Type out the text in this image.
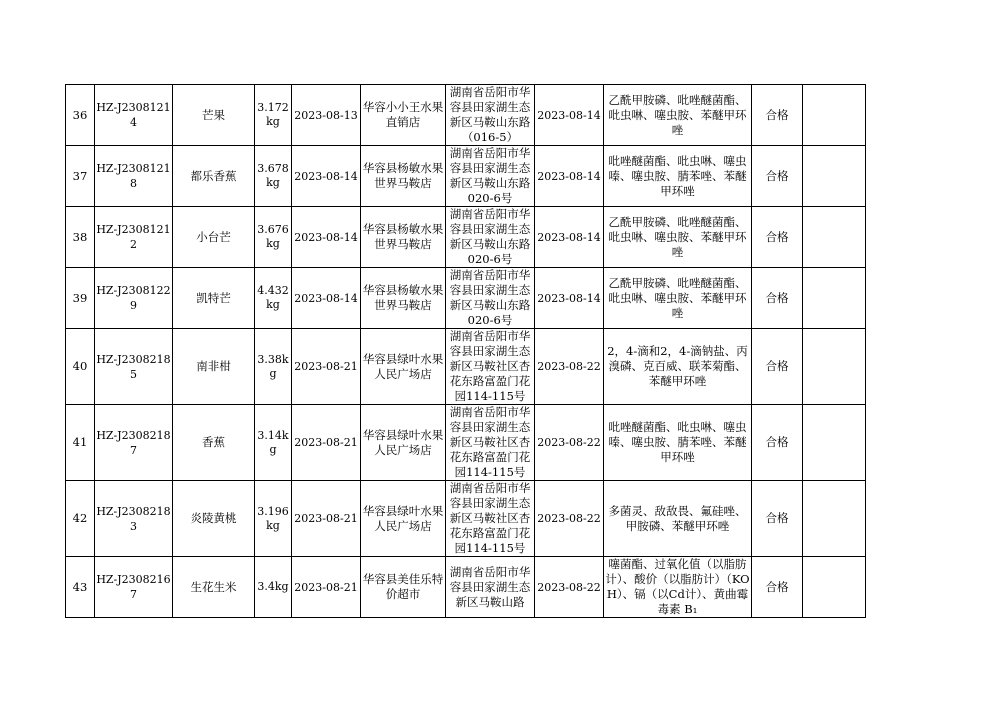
36	HZ-J23081214	芒果	3.172kg	2023-08-13	华容小小王水果直销店	湖南省岳阳市华容县田家湖生态新区马鞍山东路（016-5）	2023-08-14	乙酰甲胺磷、吡唑醚菌酯、吡虫啉、噻虫胺、苯醚甲环唑	合格	
37	HZ-J23081218	都乐香蕉	3.678kg	2023-08-14	华容县杨敏水果世界马鞍店	湖南省岳阳市华容县田家湖生态新区马鞍山东路020-6号	2023-08-14	吡唑醚菌酯、吡虫啉、噻虫嗪、噻虫胺、腈苯唑、苯醚甲环唑	合格	
38	HZ-J23081212	小台芒	3.676kg	2023-08-14	华容县杨敏水果世界马鞍店	湖南省岳阳市华容县田家湖生态新区马鞍山东路020-6号	2023-08-14	乙酰甲胺磷、吡唑醚菌酯、吡虫啉、噻虫胺、苯醚甲环唑	合格	
39	HZ-J23081229	凯特芒	4.432kg	2023-08-14	华容县杨敏水果世界马鞍店	湖南省岳阳市华容县田家湖生态新区马鞍山东路020-6号	2023-08-14	乙酰甲胺磷、吡唑醚菌酯、吡虫啉、噻虫胺、苯醚甲环唑	合格	
40	HZ-J23082185	南非柑	3.38kg	2023-08-21	华容县绿叶水果人民广场店	湖南省岳阳市华容县田家湖生态新区马鞍社区杏花东路富盈门花园114-115号	2023-08-22	2，4-滴和2，4-滴钠盐、丙溴磷、克百威、联苯菊酯、苯醚甲环唑	合格	
41	HZ-J23082187	香蕉	3.14kg	2023-08-21	华容县绿叶水果人民广场店	湖南省岳阳市华容县田家湖生态新区马鞍社区杏花东路富盈门花园114-115号	2023-08-22	吡唑醚菌酯、吡虫啉、噻虫嗪、噻虫胺、腈苯唑、苯醚甲环唑	合格	
42	HZ-J23082183	炎陵黄桃	3.196kg	2023-08-21	华容县绿叶水果人民广场店	湖南省岳阳市华容县田家湖生态新区马鞍社区杏花东路富盈门花园114-115号	2023-08-22	多菌灵、敌敌畏、氟硅唑、甲胺磷、苯醚甲环唑	合格	
43	HZ-J23082167	生花生米	3.4kg	2023-08-21	华容县美佳乐特价超市	湖南省岳阳市华容县田家湖生态新区马鞍山路	2023-08-22	噻菌酯、过氧化值（以脂肪计）、酸价（以脂肪计）（KOH）、镉（以Cd计）、黄曲霉毒素 B₁	合格	
